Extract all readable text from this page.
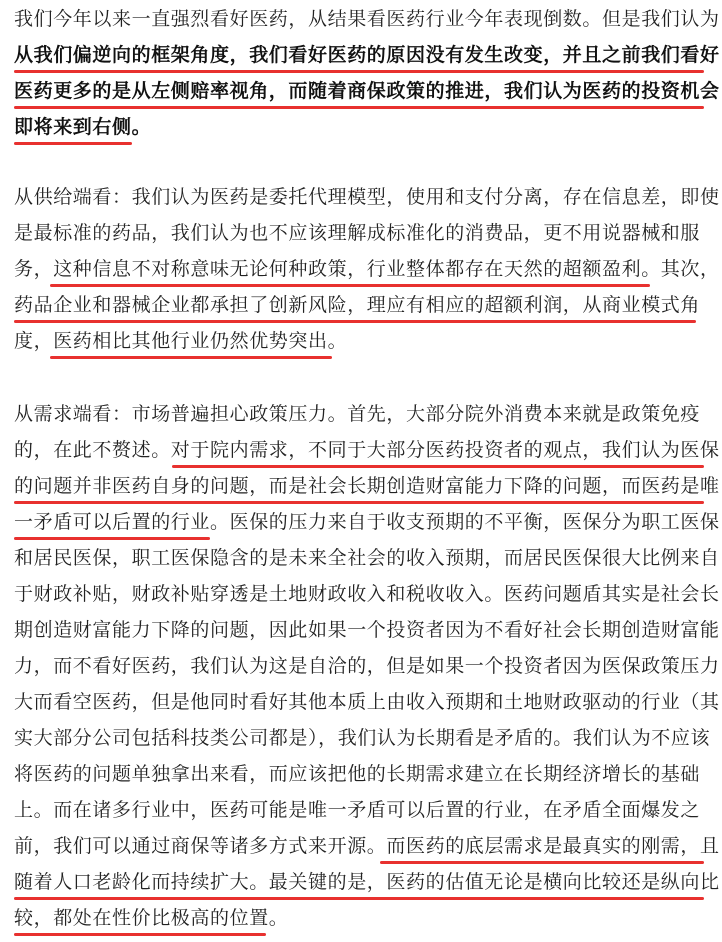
我们今年以来一直强烈看好医药，从结果看医药行业今年表现倒数。但是我们认为
从我们偏逆向的框架角度，我们看好医药的原因没有发生改变，并且之前我们看好
医药更多的是从左侧赔率视角，而随着商保政策的推进，我们认为医药的投资机会
即将来到右侧。
从供给端看：我们认为医药是委托代理模型，使用和支付分离，存在信息差，即使
是最标准的药品，我们认为也不应该理解成标准化的消费品，更不用说器械和服
务，这种信息不对称意味无论何种政策，行业整体都存在天然的超额盈利。其次，
药品企业和器械企业都承担了创新风险，理应有相应的超额利润，从商业模式角
度，医药相比其他行业仍然优势突出。
从需求端看：市场普遍担心政策压力。首先，大部分院外消费本来就是政策免疫
的，在此不赘述。对于院内需求，不同于大部分医药投资者的观点，我们认为医保
的问题并非医药自身的问题，而是社会长期创造财富能力下降的问题，而医药是唯
一矛盾可以后置的行业。医保的压力来自于收支预期的不平衡，医保分为职工医保
和居民医保，职工医保隐含的是未来全社会的收入预期，而居民医保很大比例来自
于财政补贴，财政补贴穿透是土地财政收入和税收收入。医药问题盾其实是社会长
期创造财富能力下降的问题，因此如果一个投资者因为不看好社会长期创造财富能
力，而不看好医药，我们认为这是自洽的，但是如果一个投资者因为医保政策压力
大而看空医药，但是他同时看好其他本质上由收入预期和土地财政驱动的行业（其
实大部分公司包括科技类公司都是），我们认为长期看是矛盾的。我们认为不应该
将医药的问题单独拿出来看，而应该把他的长期需求建立在长期经济增长的基础
上。而在诸多行业中，医药可能是唯一矛盾可以后置的行业，在矛盾全面爆发之
前，我们可以通过商保等诸多方式来开源。而医药的底层需求是最真实的刚需，且
随着人口老龄化而持续扩大。最关键的是，医药的估值无论是横向比较还是纵向比
较，都处在性价比极高的位置。
